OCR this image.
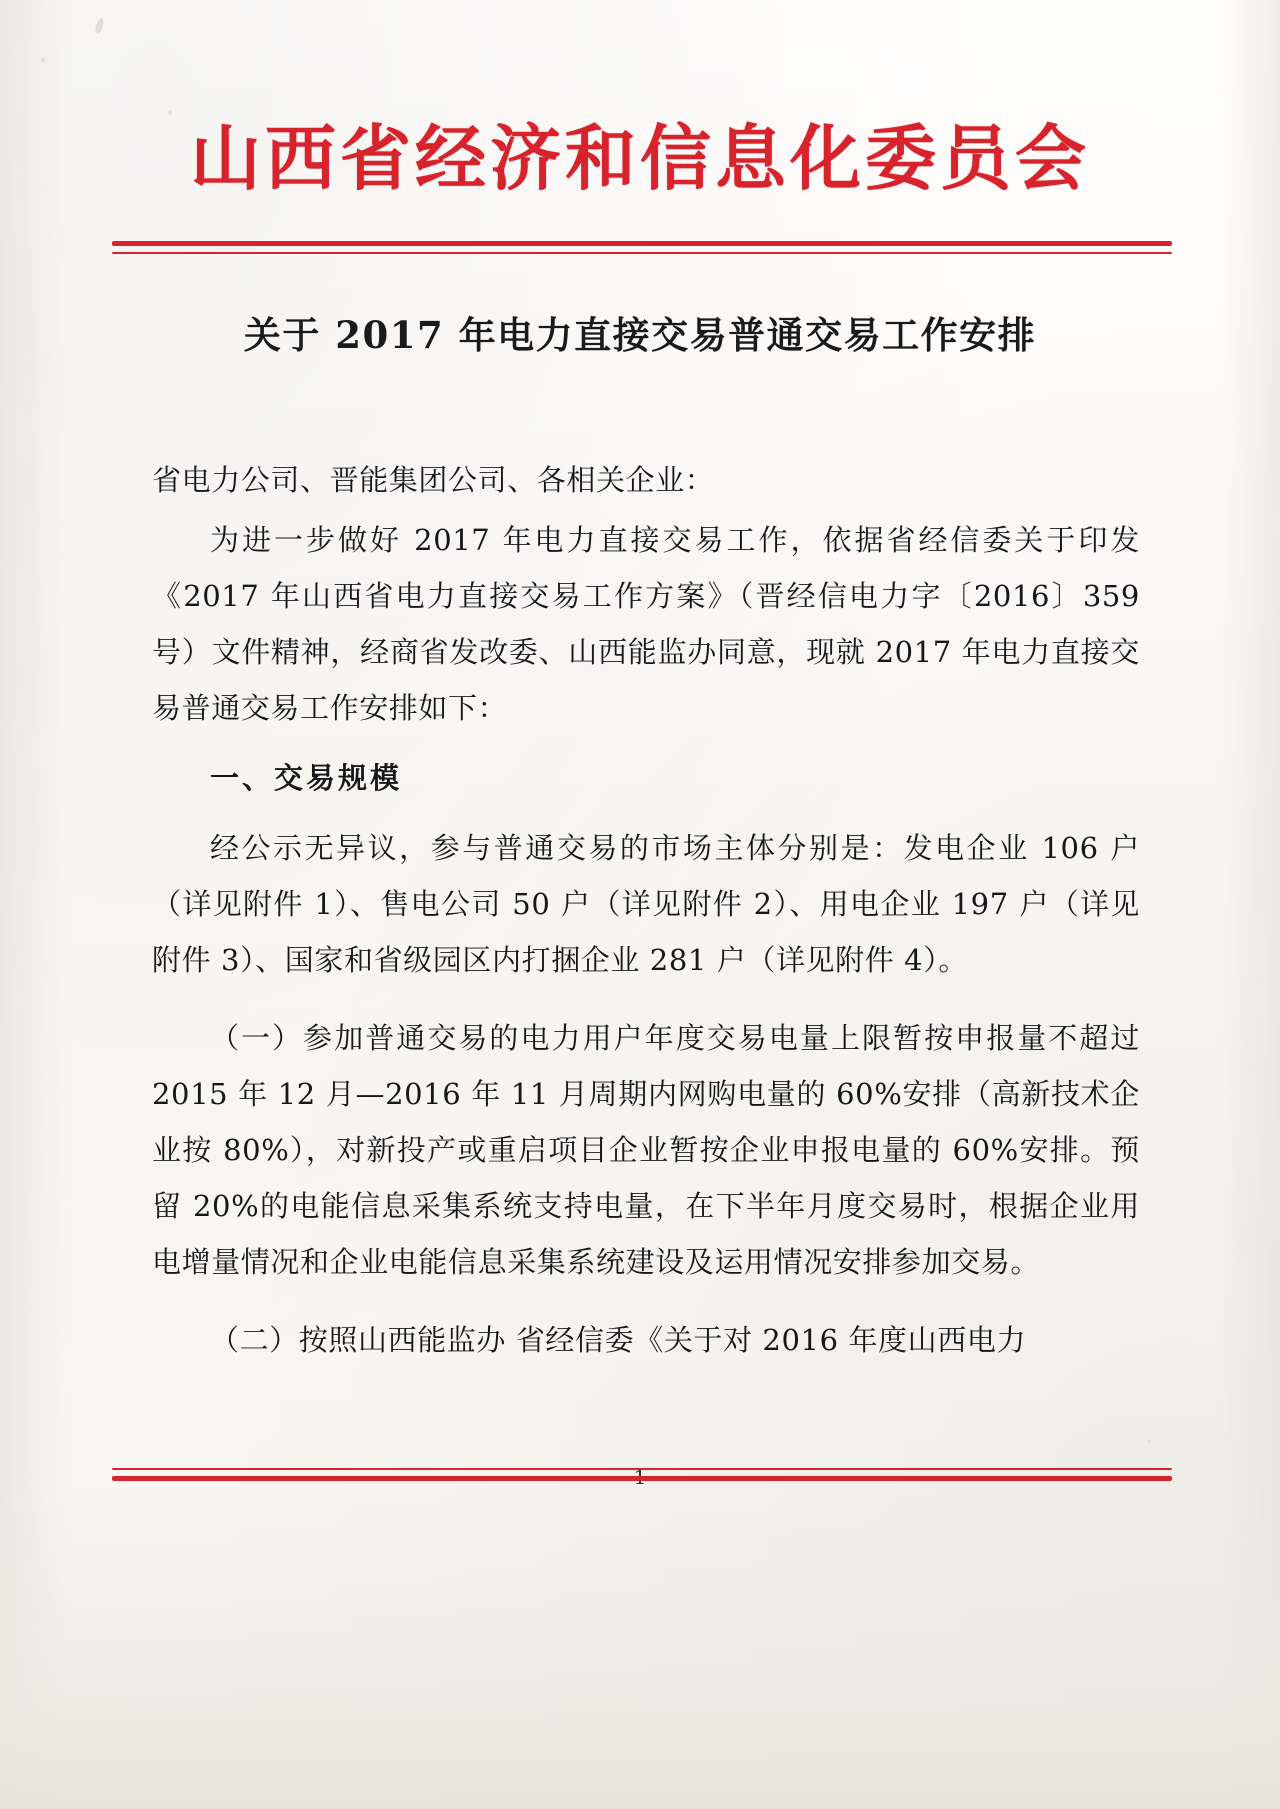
山西省经济和信息化委员会
关于 2017 年电力直接交易普通交易工作安排

省电力公司、晋能集团公司、各相关企业：

为进一步做好 2017 年电力直接交易工作，依据省经信委关于印发《2017 年山西省电力直接交易工作方案》（晋经信电力字〔2016〕359 号）文件精神，经商省发改委、山西能监办同意，现就 2017 年电力直接交易普通交易工作安排如下：

一、交易规模

经公示无异议，参与普通交易的市场主体分别是：发电企业 106 户（详见附件 1）、售电公司 50 户（详见附件 2）、用电企业 197 户（详见附件 3）、国家和省级园区内打捆企业 281 户（详见附件 4）。

（一）参加普通交易的电力用户年度交易电量上限暂按申报量不超过 2015 年 12 月—2016 年 11 月周期内网购电量的 60%安排（高新技术企业按 80%），对新投产或重启项目企业暂按企业申报电量的 60%安排。预留 20%的电能信息采集系统支持电量，在下半年月度交易时，根据企业用电增量情况和企业电能信息采集系统建设及运用情况安排参加交易。

（二）按照山西能监办 省经信委《关于对 2016 年度山西电力
